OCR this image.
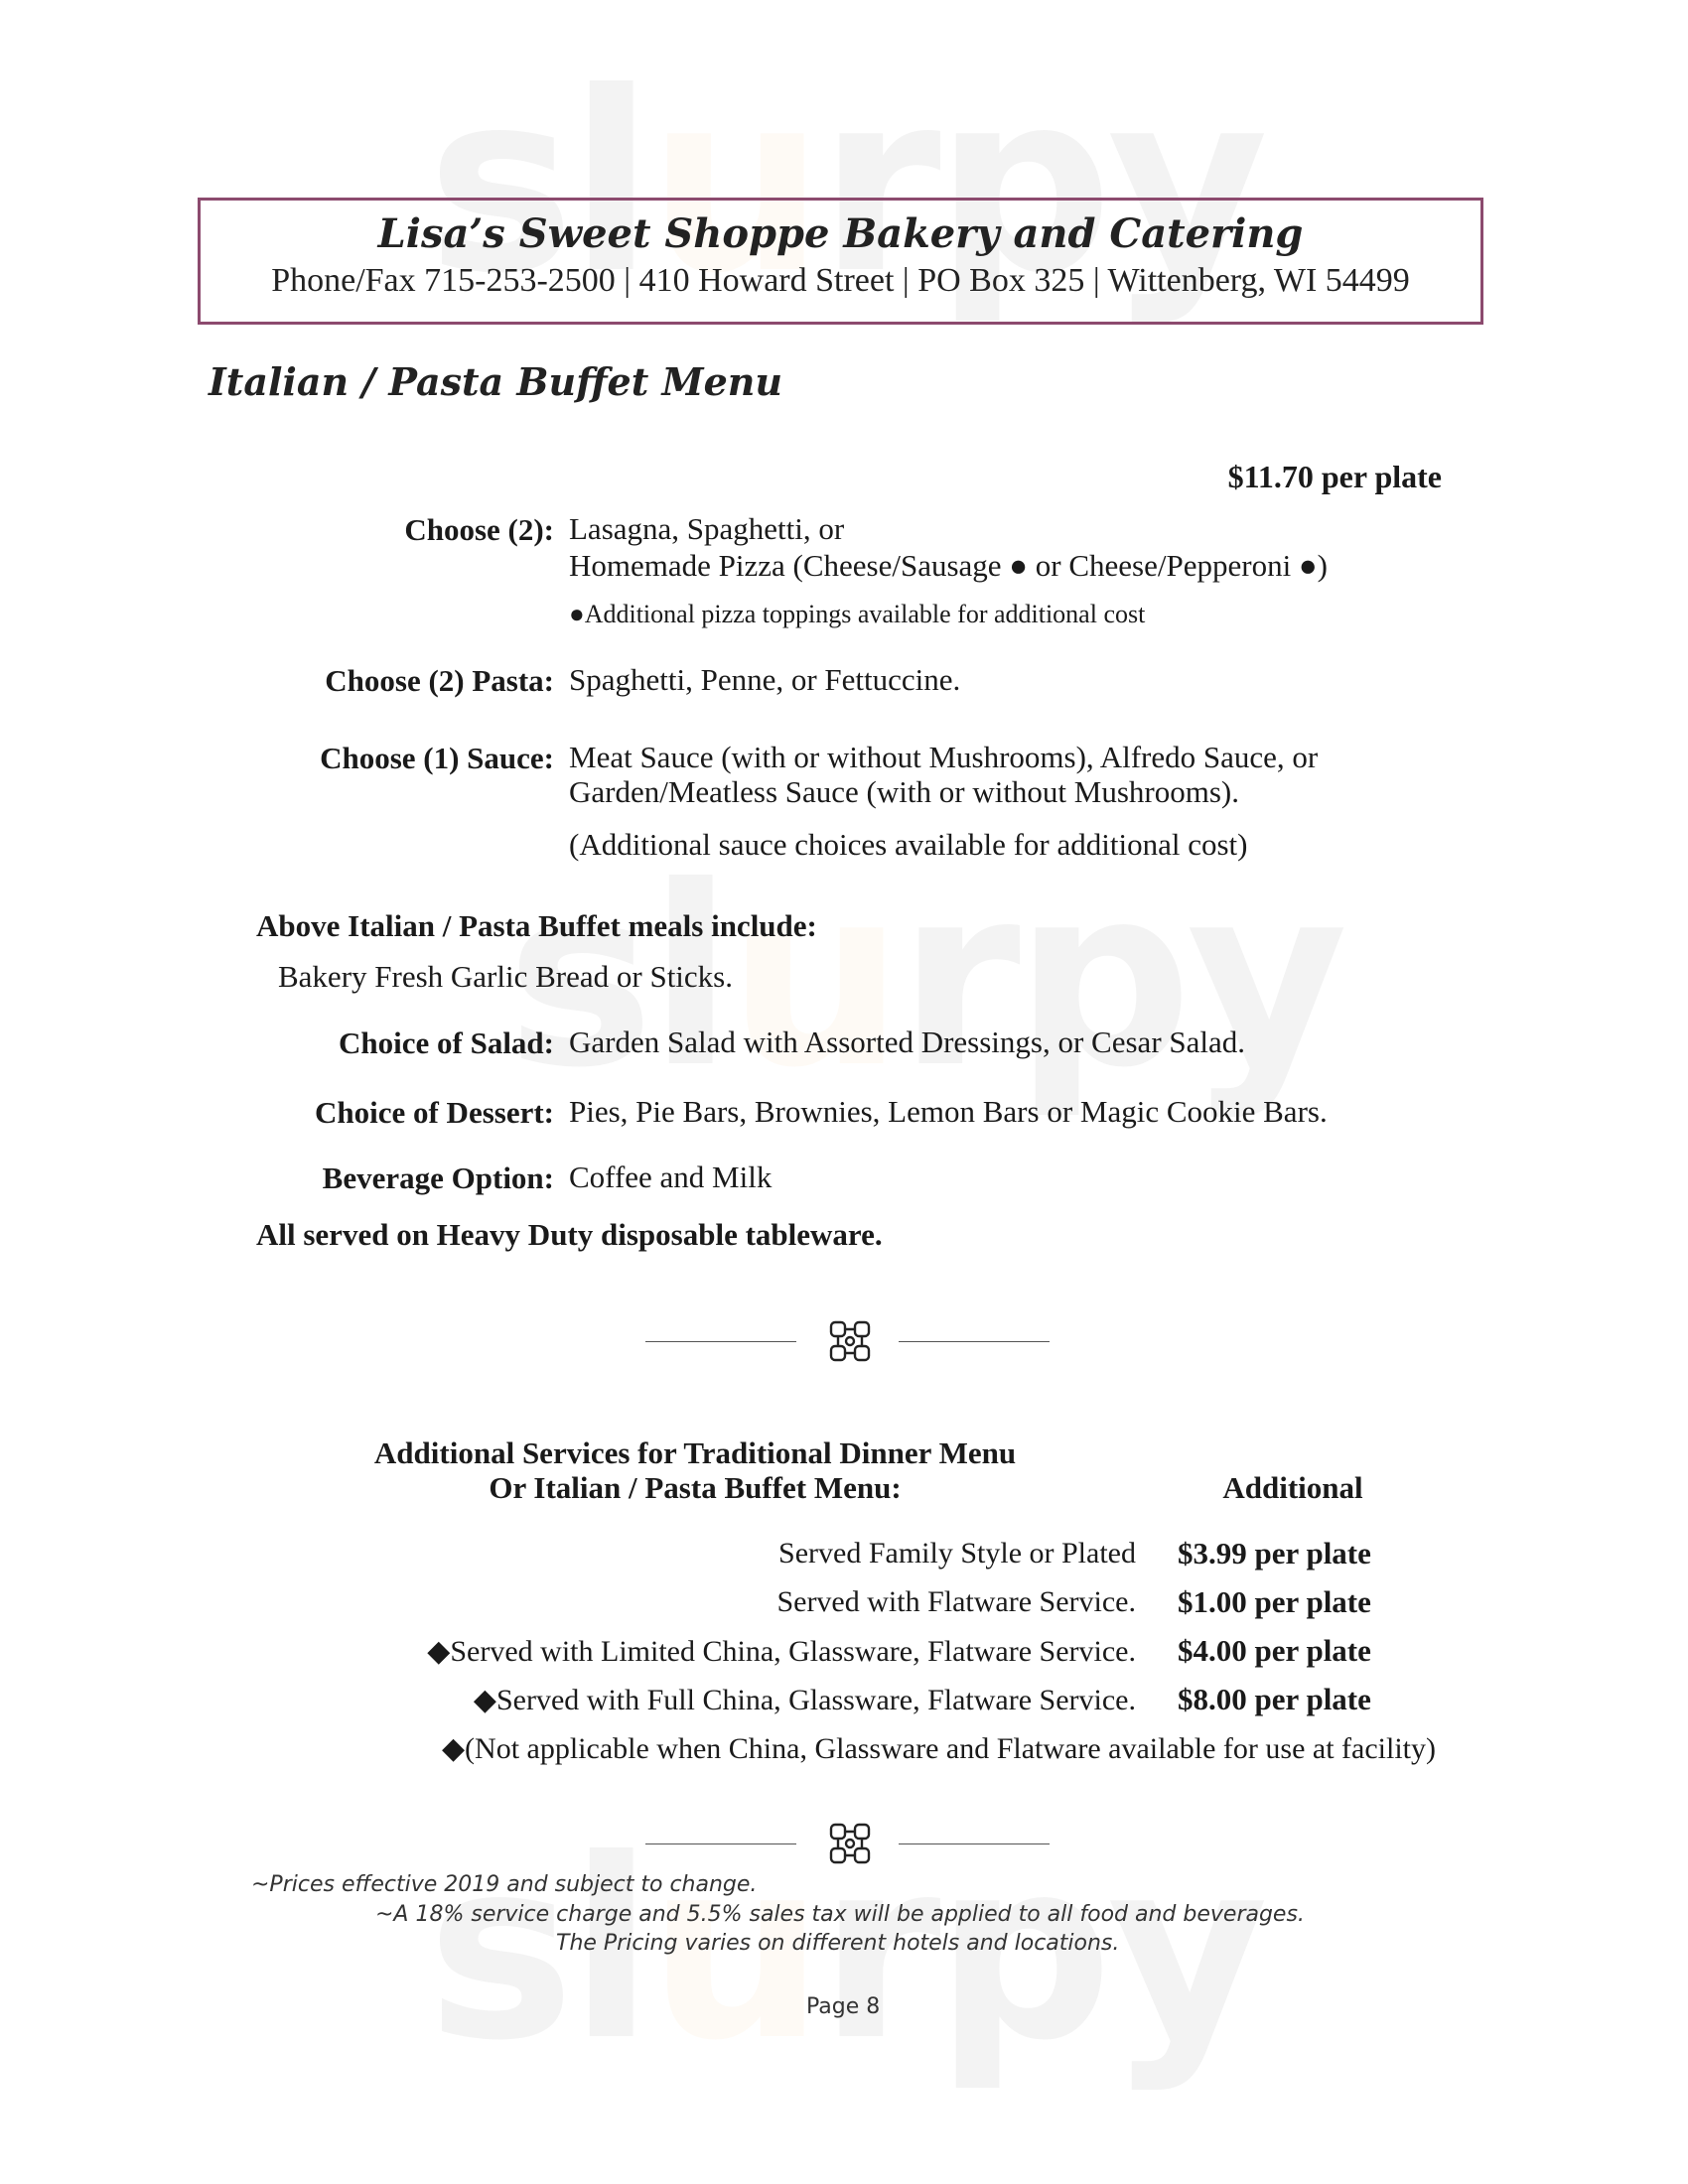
Lisa’s Sweet Shoppe Bakery and Catering
Phone/Fax 715-253-2500 | 410 Howard Street | PO Box 325 | Wittenberg, WI 54499
Italian / Pasta Buffet Menu
$11.70 per plate
Choose (2): Lasagna, Spaghetti, or
Homemade Pizza (Cheese/Sausage ● or Cheese/Pepperoni ●)
●Additional pizza toppings available for additional cost
Choose (2) Pasta: Spaghetti, Penne, or Fettuccine.
Choose (1) Sauce: Meat Sauce (with or without Mushrooms), Alfredo Sauce, or
Garden/Meatless Sauce (with or without Mushrooms).
(Additional sauce choices available for additional cost)
Above Italian / Pasta Buffet meals include:
Bakery Fresh Garlic Bread or Sticks.
Choice of Salad: Garden Salad with Assorted Dressings, or Cesar Salad.
Choice of Dessert: Pies, Pie Bars, Brownies, Lemon Bars or Magic Cookie Bars.
Beverage Option: Coffee and Milk
All served on Heavy Duty disposable tableware.
Additional Services for Traditional Dinner Menu
Or Italian / Pasta Buffet Menu:	Additional
Served Family Style or Plated $3.99 per plate
Served with Flatware Service. $1.00 per plate
◆Served with Limited China, Glassware, Flatware Service. $4.00 per plate
◆Served with Full China, Glassware, Flatware Service. $8.00 per plate
◆(Not applicable when China, Glassware and Flatware available for use at facility)
~Prices effective 2019 and subject to change.
~A 18% service charge and 5.5% sales tax will be applied to all food and beverages.
The Pricing varies on different hotels and locations.
Page 8
